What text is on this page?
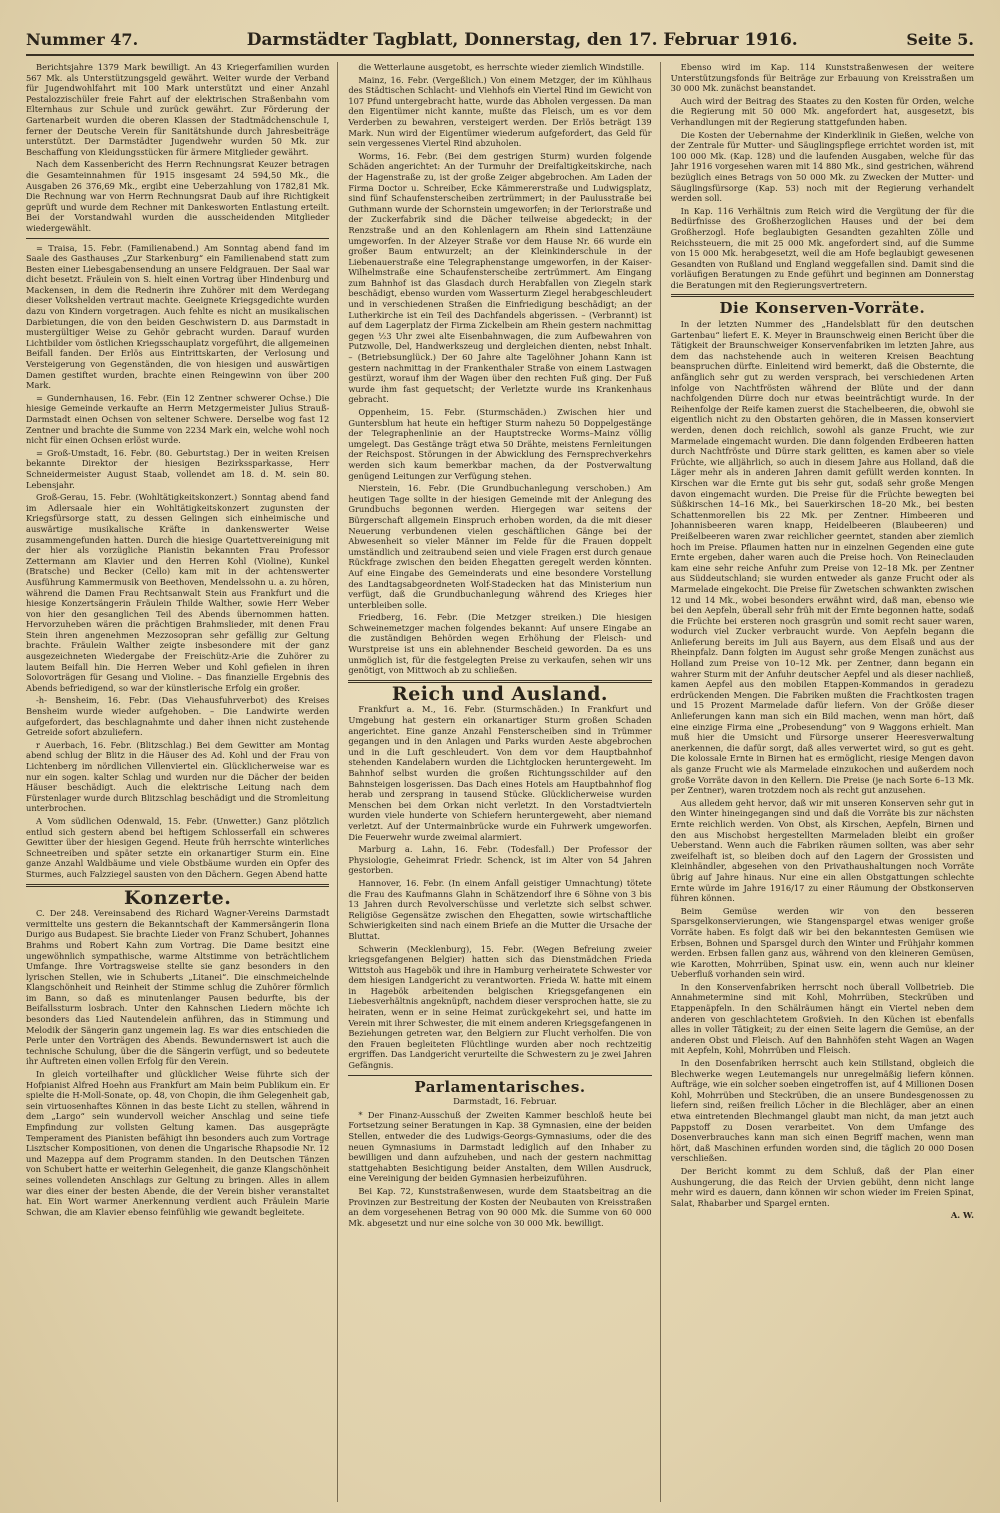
Nummer 47.	Darmstädter Tagblatt, Donnerstag, den 17. Februar 1916.	Seite 5.

Berichtsjahre 1379 Mark bewilligt. An 43 Kriegerfamilien wurden 567 Mk. als Unterstützungsgeld gewährt. Weiter wurde der Verband für Jugendwohlfahrt mit 100 Mark unterstützt und einer Anzahl Pestalozzischüler freie Fahrt auf der elektrischen Straßenbahn vom Elternhaus zur Schule und zurück gewährt. Zur Förderung der Gartenarbeit wurden die oberen Klassen der Stadtmädchenschule I, ferner der Deutsche Verein für Sanitätshunde durch Jahresbeiträge unterstützt. Der Darmstädter Jugendwehr wurden 50 Mk. zur Beschaffung von Kleidungsstücken für ärmere Mitglieder gewährt.

Nach dem Kassenbericht des Herrn Rechnungsrat Keuzer betragen die Gesamteinnahmen für 1915 insgesamt 24 594,50 Mk., die Ausgaben 26 376,69 Mk., ergibt eine Ueberzahlung von 1782,81 Mk. Die Rechnung war von Herrn Rechnungsrat Daub auf ihre Richtigkeit geprüft und wurde dem Rechner mit Dankesworten Entlastung erteilt. Bei der Vorstandwahl wurden die ausscheidenden Mitglieder wiedergewählt.

= Traisa, 15. Febr. (Familienabend.) Am Sonntag abend fand im Saale des Gasthauses „Zur Starkenburg“ ein Familienabend statt zum Besten einer Liebesgabensendung an unsere Feldgrauen. Der Saal war dicht besetzt. Fräulein von S. hielt einen Vortrag über Hindenburg und Mackensen, in dem die Rednerin ihre Zuhörer mit dem Werdegang dieser Volkshelden vertraut machte. Geeignete Kriegsgedichte wurden dazu von Kindern vorgetragen. Auch fehlte es nicht an musikalischen Darbietungen, die von den beiden Geschwistern D. aus Darmstadt in mustergültiger Weise zu Gehör gebracht wurden. Darauf wurden Lichtbilder vom östlichen Kriegsschauplatz vorgeführt, die allgemeinen Beifall fanden. Der Erlös aus Eintrittskarten, der Verlosung und Versteigerung von Gegenständen, die von hiesigen und auswärtigen Damen gestiftet wurden, brachte einen Reingewinn von über 200 Mark.

= Gundernhausen, 16. Febr. (Ein 12 Zentner schwerer Ochse.) Die hiesige Gemeinde verkaufte an Herrn Metzgermeister Julius Strauß-Darmstadt einen Ochsen von seltener Schwere. Derselbe wog fast 12 Zentner und brachte die Summe von 2234 Mark ein, welche wohl noch nicht für einen Ochsen erlöst wurde.

= Groß-Umstadt, 16. Febr. (80. Geburtstag.) Der in weiten Kreisen bekannte Direktor der hiesigen Bezirkssparkasse, Herr Schneidermeister August Staab, vollendet am 18. d. M. sein 80. Lebensjahr.

Groß-Gerau, 15. Febr. (Wohltätigkeitskonzert.) Sonntag abend fand im Adlersaale hier ein Wohltätigkeitskonzert zugunsten der Kriegsfürsorge statt, zu dessen Gelingen sich einheimische und auswärtige musikalische Kräfte in dankenswerter Weise zusammengefunden hatten. Durch die hiesige Quartettvereinigung mit der hier als vorzügliche Pianistin bekannten Frau Professor Zettermann am Klavier und den Herren Kohl (Violine), Kunkel (Bratsche) und Becker (Cello) kam mit in der achtenswerter Ausführung Kammermusik von Beethoven, Mendelssohn u. a. zu hören, während die Damen Frau Rechtsanwalt Stein aus Frankfurt und die hiesige Konzertsängerin Fräulein Thilde Walther, sowie Herr Weber von hier den gesanglichen Teil des Abends übernommen hatten. Hervorzuheben wären die prächtigen Brahmslieder, mit denen Frau Stein ihren angenehmen Mezzosopran sehr gefällig zur Geltung brachte. Fräulein Walther zeigte insbesondere mit der ganz ausgezeichneten Wiedergabe der Freischütz-Arie die Zuhörer zu lautem Beifall hin. Die Herren Weber und Kohl gefielen in ihren Solovorträgen für Gesang und Violine. – Das finanzielle Ergebnis des Abends befriedigend, so war der künstlerische Erfolg ein großer.

-h- Bensheim, 16. Febr. (Das Viehausfuhrverbot) des Kreises Bensheim wurde wieder aufgehoben. – Die Landwirte werden aufgefordert, das beschlagnahmte und daher ihnen nicht zustehende Getreide sofort abzuliefern.

r Auerbach, 16. Febr. (Blitzschlag.) Bei dem Gewitter am Montag abend schlug der Blitz in die Häuser des Ad. Kohl und der Frau von Lichtenberg im nördlichen Villenviertel ein. Glücklicherweise war es nur ein sogen. kalter Schlag und wurden nur die Dächer der beiden Häuser beschädigt. Auch die elektrische Leitung nach dem Fürstenlager wurde durch Blitzschlag beschädigt und die Stromleitung unterbrochen.

A Vom südlichen Odenwald, 15. Febr. (Unwetter.) Ganz plötzlich entlud sich gestern abend bei heftigem Schlosserfall ein schweres Gewitter über der hiesigen Gegend. Heute früh herrschte winterliches Schneetreiben und später setzte ein orkanartiger Sturm ein. Eine ganze Anzahl Waldbäume und viele Obstbäume wurden ein Opfer des Sturmes, auch Falzziegel sausten von den Dächern. Gegen Abend hatte

Konzerte.

C. Der 248. Vereinsabend des Richard Wagner-Vereins Darmstadt vermittelte uns gestern die Bekanntschaft der Kammersängerin Ilona Durigo aus Budapest. Sie brachte Lieder von Franz Schubert, Johannes Brahms und Robert Kahn zum Vortrag. Die Dame besitzt eine ungewöhnlich sympathische, warme Altstimme von beträchtlichem Umfange. Ihre Vortragsweise stellte sie ganz besonders in den lyrischen Stellen, wie in Schuberts „Litanei“. Die einschmeichelnde Klangschönheit und Reinheit der Stimme schlug die Zuhörer förmlich im Bann, so daß es minutenlanger Pausen bedurfte, bis der Beifallssturm losbrach. Unter den Kahnschen Liedern möchte ich besonders das Lied Nautendelein anführen, das in Stimmung und Melodik der Sängerin ganz ungemein lag. Es war dies entschieden die Perle unter den Vorträgen des Abends. Bewundernswert ist auch die technische Schulung, über die die Sängerin verfügt, und so bedeutete ihr Auftreten einen vollen Erfolg für den Verein.

In gleich vorteilhafter und glücklicher Weise führte sich der Hofpianist Alfred Hoehn aus Frankfurt am Main beim Publikum ein. Er spielte die H-Moll-Sonate, op. 48, von Chopin, die ihm Gelegenheit gab, sein virtuosenhaftes Können in das beste Licht zu stellen, während in dem „Largo“ sein wundervoll weicher Anschlag und seine tiefe Empfindung zur vollsten Geltung kamen. Das ausgeprägte Temperament des Pianisten befähigt ihn besonders auch zum Vortrage Lisztscher Kompositionen, von denen die Ungarische Rhapsodie Nr. 12 und Mazeppa auf dem Programm standen. In den Deutschen Tänzen von Schubert hatte er weiterhin Gelegenheit, die ganze Klangschönheit seines vollendeten Anschlags zur Geltung zu bringen. Alles in allem war dies einer der besten Abende, die der Verein bisher veranstaltet hat. Ein Wort warmer Anerkennung verdient auch Fräulein Marie Schwan, die am Klavier ebenso feinfühlig wie gewandt begleitete.

die Wetterlaune ausgetobt, es herrschte wieder ziemlich Windstille.

Mainz, 16. Febr. (Vergeßlich.) Von einem Metzger, der im Kühlhaus des Städtischen Schlacht- und Viehhofs ein Viertel Rind im Gewicht von 107 Pfund untergebracht hatte, wurde das Abholen vergessen. Da man den Eigentümer nicht kannte, mußte das Fleisch, um es vor dem Verderben zu bewahren, versteigert werden. Der Erlös beträgt 139 Mark. Nun wird der Eigentümer wiederum aufgefordert, das Geld für sein vergessenes Viertel Rind abzuholen.

Worms, 16. Febr. (Bei dem gestrigen Sturm) wurden folgende Schäden angerichtet: An der Turmuhr der Dreifaltigkeitskirche, nach der Hagenstraße zu, ist der große Zeiger abgebrochen. Am Laden der Firma Doctor u. Schreiber, Ecke Kämmererstraße und Ludwigsplatz, sind fünf Schaufensterscheiben zertrümmert; in der Paulusstraße bei Guthmann wurde der Schornstein umgeworfen; in der Teriorstraße und der Zuckerfabrik sind die Dächer teilweise abgedeckt; in der Renzstraße und an den Kohlenlagern am Rhein sind Lattenzäune umgeworfen. In der Alzeyer Straße vor dem Hause Nr. 66 wurde ein großer Baum entwurzelt; an der Kleinkinderschule in der Liebenauerstraße eine Telegraphenstange umgeworfen, in der Kaiser-Wilhelmstraße eine Schaufensterscheibe zertrümmert. Am Eingang zum Bahnhof ist das Glasdach durch Herabfallen von Ziegeln stark beschädigt, ebenso wurden vom Wasserturm Ziegel herabgeschleudert und in verschiedenen Straßen die Einfriedigung beschädigt; an der Lutherkirche ist ein Teil des Dachfandels abgerissen. – (Verbrannt) ist auf dem Lagerplatz der Firma Zickelbein am Rhein gestern nachmittag gegen ½3 Uhr zwei alte Eisenbahnwagen, die zum Aufbewahren von Putzwolle, Del, Handwerkszeug und dergleichen dienten, nebst Inhalt. – (Betriebsunglück.) Der 60 Jahre alte Tagelöhner Johann Kann ist gestern nachmittag in der Frankenthaler Straße von einem Lastwagen gestürzt, worauf ihm der Wagen über den rechten Fuß ging. Der Fuß wurde ihm fast gequetscht; der Verletzte wurde ins Krankenhaus gebracht.

Oppenheim, 15. Febr. (Sturmschäden.) Zwischen hier und Guntersblum hat heute ein heftiger Sturm nahezu 50 Doppelgestänge der Telegraphenlinie an der Hauptstrecke Worms–Mainz völlig umgelegt. Das Gestänge trägt etwa 50 Drähte, meistens Fernleitungen der Reichspost. Störungen in der Abwicklung des Fernsprechverkehrs werden sich kaum bemerkbar machen, da der Postverwaltung genügend Leitungen zur Verfügung stehen.

Nierstein, 16. Febr. (Die Grundbuchanlegung verschoben.) Am heutigen Tage sollte in der hiesigen Gemeinde mit der Anlegung des Grundbuchs begonnen werden. Hiergegen war seitens der Bürgerschaft allgemein Einspruch erhoben worden, da die mit dieser Neuerung verbundenen vielen geschäftlichen Gänge bei der Abwesenheit so vieler Männer im Felde für die Frauen doppelt umständlich und zeitraubend seien und viele Fragen erst durch genaue Rückfrage zwischen den beiden Ehegatten geregelt werden könnten. Auf eine Eingabe des Gemeinderats und eine besondere Vorstellung des Landtagsabgeordneten Wolf-Stadecken hat das Ministerium nun verfügt, daß die Grundbuchanlegung während des Krieges hier unterbleiben solle.

Friedberg, 16. Febr. (Die Metzger streiken.) Die hiesigen Schweinemetzger machen folgendes bekannt: Auf unsere Eingabe an die zuständigen Behörden wegen Erhöhung der Fleisch- und Wurstpreise ist uns ein ablehnender Bescheid geworden. Da es uns unmöglich ist, für die festgelegten Preise zu verkaufen, sehen wir uns genötigt, von Mittwoch ab zu schließen.

Reich und Ausland.

Frankfurt a. M., 16. Febr. (Sturmschäden.) In Frankfurt und Umgebung hat gestern ein orkanartiger Sturm großen Schaden angerichtet. Eine ganze Anzahl Fensterscheiben sind in Trümmer gegangen und in den Anlagen und Parks wurden Aeste abgebrochen und in die Luft geschleudert. Von dem vor dem Hauptbahnhof stehenden Kandelabern wurden die Lichtglocken heruntergeweht. Im Bahnhof selbst wurden die großen Richtungsschilder auf den Bahnsteigen losgerissen. Das Dach eines Hotels am Hauptbahnhof flog herab und zersprang in tausend Stücke. Glücklicherweise wurden Menschen bei dem Orkan nicht verletzt. In den Vorstadtvierteln wurden viele hunderte von Schiefern heruntergeweht, aber niemand verletzt. Auf der Untermainbrücke wurde ein Fuhrwerk umgeworfen. Die Feuerwehr wurde zweimal alarmiert.

Marburg a. Lahn, 16. Febr. (Todesfall.) Der Professor der Physiologie, Geheimrat Friedr. Schenck, ist im Alter von 54 Jahren gestorben.

Hannover, 16. Febr. (In einem Anfall geistiger Umnachtung) tötete die Frau des Kaufmanns Glahn in Schätzendorf ihre 6 Söhne von 3 bis 13 Jahren durch Revolverschüsse und verletzte sich selbst schwer. Religiöse Gegensätze zwischen den Ehegatten, sowie wirtschaftliche Schwierigkeiten sind nach einem Briefe an die Mutter die Ursache der Bluttat.

Schwerin (Mecklenburg), 15. Febr. (Wegen Befreiung zweier kriegsgefangenen Belgier) hatten sich das Dienstmädchen Frieda Wittstoh aus Hagebök und ihre in Hamburg verheiratete Schwester vor dem hiesigen Landgericht zu verantworten. Frieda W. hatte mit einem in Hagebök arbeitenden belgischen Kriegsgefangenen ein Liebesverhältnis angeknüpft, nachdem dieser versprochen hatte, sie zu heiraten, wenn er in seine Heimat zurückgekehrt sei, und hatte im Verein mit ihrer Schwester, die mit einem anderen Kriegsgefangenen in Beziehungen getreten war, den Belgiern zur Flucht verholfen. Die von den Frauen begleiteten Flüchtlinge wurden aber noch rechtzeitig ergriffen. Das Landgericht verurteilte die Schwestern zu je zwei Jahren Gefängnis.

Parlamentarisches.

Darmstadt, 16. Februar.

* Der Finanz-Ausschuß der Zweiten Kammer beschloß heute bei Fortsetzung seiner Beratungen in Kap. 38 Gymnasien, eine der beiden Stellen, entweder die des Ludwigs-Georgs-Gymnasiums, oder die des neuen Gymnasiums in Darmstadt lediglich auf den Inhaber zu bewilligen und dann aufzuheben, und nach der gestern nachmittag stattgehabten Besichtigung beider Anstalten, dem Willen Ausdruck, eine Vereinigung der beiden Gymnasien herbeizuführen.

Bei Kap. 72, Kunststraßenwesen, wurde dem Staatsbeitrag an die Provinzen zur Bestreitung der Kosten der Neubauten von Kreisstraßen an dem vorgesehenen Betrag von 90 000 Mk. die Summe von 60 000 Mk. abgesetzt und nur eine solche von 30 000 Mk. bewilligt.

Ebenso wird im Kap. 114 Kunststraßenwesen der weitere Unterstützungsfonds für Beiträge zur Erbauung von Kreisstraßen um 30 000 Mk. zunächst beanstandet.

Auch wird der Beitrag des Staates zu den Kosten für Orden, welche die Regierung mit 50 000 Mk. angefordert hat, ausgesetzt, bis Verhandlungen mit der Regierung stattgefunden haben.

Die Kosten der Uebernahme der Kinderklinik in Gießen, welche von der Zentrale für Mutter- und Säuglingspflege errichtet worden ist, mit 100 000 Mk. (Kap. 128) und die laufenden Ausgaben, welche für das Jahr 1916 vorgesehen waren mit 14 880 Mk., sind gestrichen, während bezüglich eines Betrags von 50 000 Mk. zu Zwecken der Mutter- und Säuglingsfürsorge (Kap. 53) noch mit der Regierung verhandelt werden soll.

In Kap. 116 Verhältnis zum Reich wird die Vergütung der für die Bedürfnisse des Großherzoglichen Hauses und der bei dem Großherzogl. Hofe beglaubigten Gesandten gezahlten Zölle und Reichssteuern, die mit 25 000 Mk. angefordert sind, auf die Summe von 15 000 Mk. herabgesetzt, weil die am Hofe beglaubigt gewesenen Gesandten von Rußland und England weggefallen sind. Damit sind die vorläufigen Beratungen zu Ende geführt und beginnen am Donnerstag die Beratungen mit den Regierungsvertretern.

Die Konserven-Vorräte.

In der letzten Nummer des „Handelsblatt für den deutschen Gartenbau“ liefert E. K. Meyer in Braunschweig einen Bericht über die Tätigkeit der Braunschweiger Konservenfabriken im letzten Jahre, aus dem das nachstehende auch in weiteren Kreisen Beachtung beanspruchen dürfte. Einleitend wird bemerkt, daß die Obsternte, die anfänglich sehr gut zu werden versprach, bei verschiedenen Arten infolge von Nachtfrösten während der Blüte und der dann nachfolgenden Dürre doch nur etwas beeinträchtigt wurde. In der Reihenfolge der Reife kamen zuerst die Stachelbeeren, die, obwohl sie eigentlich nicht zu den Obstarten gehören, die in Massen konserviert werden, denen doch reichlich, sowohl als ganze Frucht, wie zur Marmelade eingemacht wurden. Die dann folgenden Erdbeeren hatten durch Nachtfröste und Dürre stark gelitten, es kamen aber so viele Früchte, wie alljährlich, so auch in diesem Jahre aus Holland, daß die Läger mehr als in anderen Jahren damit gefüllt werden konnten. In Kirschen war die Ernte gut bis sehr gut, sodaß sehr große Mengen davon eingemacht wurden. Die Preise für die Früchte bewegten bei Süßkirschen 14–16 Mk., bei Sauerkirschen 18–20 Mk., bei besten Schattenmorellen bis 22 Mk. per Zentner. Himbeeren und Johannisbeeren waren knapp, Heidelbeeren (Blaubeeren) und Preißelbeeren waren zwar reichlicher geerntet, standen aber ziemlich hoch im Preise. Pflaumen hatten nur in einzelnen Gegenden eine gute Ernte ergeben, daher waren auch die Preise hoch. Von Reineclauden kam eine sehr reiche Anfuhr zum Preise von 12–18 Mk. per Zentner aus Süddeutschland; sie wurden entweder als ganze Frucht oder als Marmelade eingekocht. Die Preise für Zwetschen schwankten zwischen 12 und 14 Mk., wobei besonders erwähnt wird, daß man, ebenso wie bei den Aepfeln, überall sehr früh mit der Ernte begonnen hatte, sodaß die Früchte bei ersteren noch grasgrün und somit recht sauer waren, wodurch viel Zucker verbraucht wurde. Von Aepfeln begann die Anlieferung bereits im Juli aus Bayern, aus dem Elsaß und aus der Rheinpfalz. Dann folgten im August sehr große Mengen zunächst aus Holland zum Preise von 10–12 Mk. per Zentner, dann begann ein wahrer Sturm mit der Anfuhr deutscher Aepfel und als dieser nachließ, kamen Aepfel aus den mobilen Etappen-Kommandos in geradezu erdrückenden Mengen. Die Fabriken mußten die Frachtkosten tragen und 15 Prozent Marmelade dafür liefern. Von der Größe dieser Anlieferungen kann man sich ein Bild machen, wenn man hört, daß eine einzige Firma eine „Probesendung“ von 9 Waggons erhielt. Man muß hier die Umsicht und Fürsorge unserer Heeresverwaltung anerkennen, die dafür sorgt, daß alles verwertet wird, so gut es geht. Die kolossale Ernte in Birnen hat es ermöglicht, riesige Mengen davon als ganze Frucht wie als Marmelade einzukochen und außerdem noch große Vorräte davon in den Kellern. Die Preise (je nach Sorte 6–13 Mk. per Zentner), waren trotzdem noch als recht gut anzusehen.

Aus alledem geht hervor, daß wir mit unseren Konserven sehr gut in den Winter hineingegangen sind und daß die Vorräte bis zur nächsten Ernte reichlich werden. Von Obst, als Kirschen, Aepfeln, Birnen und den aus Mischobst hergestellten Marmeladen bleibt ein großer Ueberstand. Wenn auch die Fabriken räumen sollten, was aber sehr zweifelhaft ist, so bleiben doch auf den Lagern der Grossisten und Kleinhändler, abgesehen von den Privathaushaltungen noch Vorräte übrig auf Jahre hinaus. Nur eine ein allen Obstgattungen schlechte Ernte würde im Jahre 1916/17 zu einer Räumung der Obstkonserven führen können.

Beim Gemüse werden wir von den besseren Sparsgelkonservierungen, wie Stangenspargel etwas weniger große Vorräte haben. Es folgt daß wir bei den bekanntesten Gemüsen wie Erbsen, Bohnen und Sparsgel durch den Winter und Frühjahr kommen werden. Erbsen fallen ganz aus, während von den kleineren Gemüsen, wie Karotten, Mohrrüben, Spinat usw. ein, wenn auch nur kleiner Ueberfluß vorhanden sein wird.

In den Konservenfabriken herrscht noch überall Vollbetrieb. Die Annahmetermine sind mit Kohl, Mohrrüben, Steckrüben und Etappenäpfeln. In den Schälräumen hängt ein Viertel neben dem anderen von geschlachtetem Großvieh. In den Küchen ist ebenfalls alles in voller Tätigkeit; zu der einen Seite lagern die Gemüse, an der anderen Obst und Fleisch. Auf den Bahnhöfen steht Wagen an Wagen mit Aepfeln, Kohl, Mohrrüben und Fleisch.

In den Dosenfabriken herrscht auch kein Stillstand, obgleich die Blechwerke wegen Leutemangels nur unregelmäßig liefern können. Aufträge, wie ein solcher soeben eingetroffen ist, auf 4 Millionen Dosen Kohl, Mohrrüben und Steckrüben, die an unsere Bundesgenossen zu liefern sind, reißen freilich Löcher in die Blechläger, aber an einen etwa eintretenden Blechmangel glaubt man nicht, da man jetzt auch Pappstoff zu Dosen verarbeitet. Von dem Umfange des Dosenverbrauches kann man sich einen Begriff machen, wenn man hört, daß Maschinen erfunden worden sind, die täglich 20 000 Dosen verschließen.

Der Bericht kommt zu dem Schluß, daß der Plan einer Aushungerung, die das Reich der Urvien gebüht, denn nicht lange mehr wird es dauern, dann können wir schon wieder im Freien Spinat, Salat, Rhabarber und Spargel ernten.

A. W.
